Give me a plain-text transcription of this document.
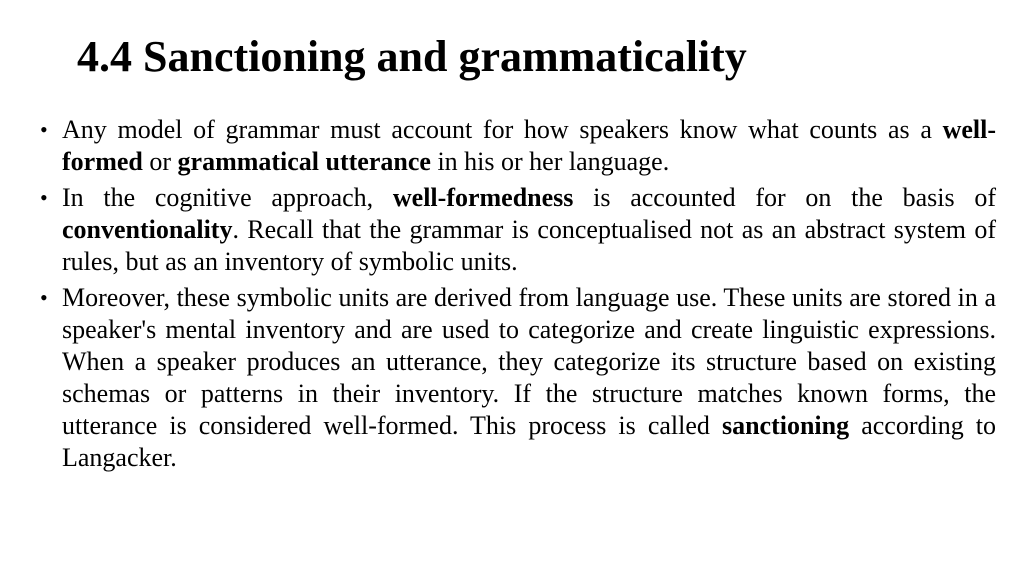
4.4 Sanctioning and grammaticality
• Any model of grammar must account for how speakers know what counts as a well-formed or grammatical utterance in his or her language.
• In the cognitive approach, well-formedness is accounted for on the basis of conventionality. Recall that the grammar is conceptualised not as an abstract system of rules, but as an inventory of symbolic units.
• Moreover, these symbolic units are derived from language use. These units are stored in a speaker's mental inventory and are used to categorize and create linguistic expressions. When a speaker produces an utterance, they categorize its structure based on existing schemas or patterns in their inventory. If the structure matches known forms, the utterance is considered well-formed. This process is called sanctioning according to Langacker.
